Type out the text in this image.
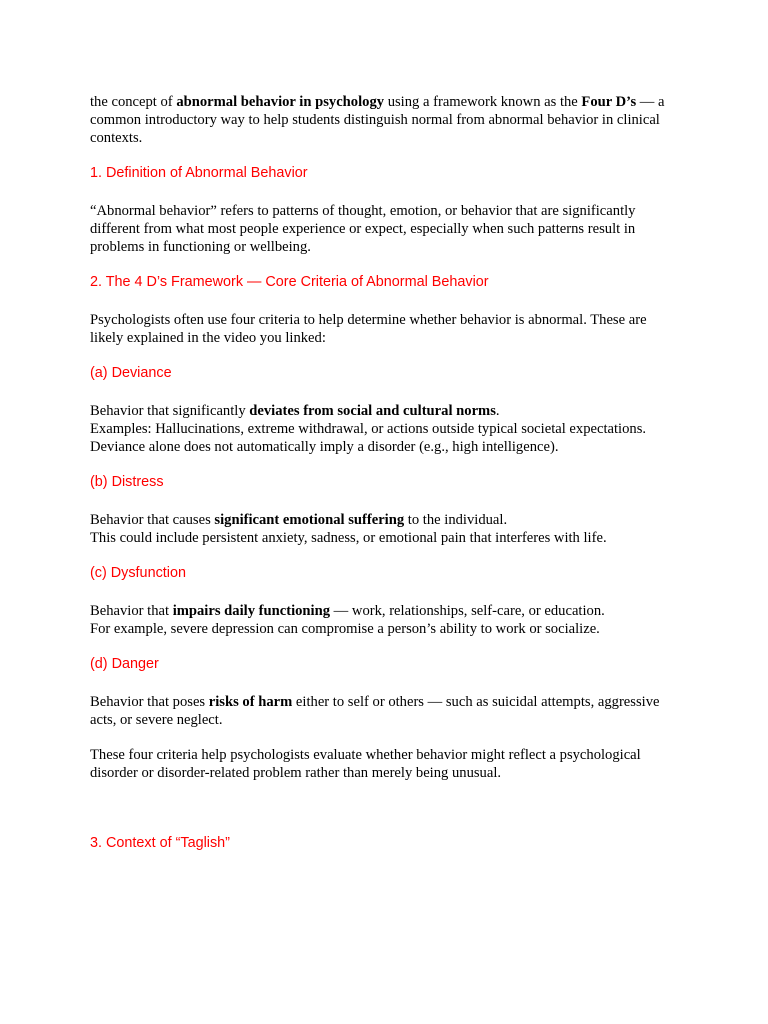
the concept of abnormal behavior in psychology using a framework known as the Four D’s — a common introductory way to help students distinguish normal from abnormal behavior in clinical contexts.

1. Definition of Abnormal Behavior

“Abnormal behavior” refers to patterns of thought, emotion, or behavior that are significantly different from what most people experience or expect, especially when such patterns result in problems in functioning or wellbeing.

2. The 4 D’s Framework — Core Criteria of Abnormal Behavior

Psychologists often use four criteria to help determine whether behavior is abnormal. These are likely explained in the video you linked:

(a) Deviance

Behavior that significantly deviates from social and cultural norms.
Examples: Hallucinations, extreme withdrawal, or actions outside typical societal expectations.
Deviance alone does not automatically imply a disorder (e.g., high intelligence).

(b) Distress

Behavior that causes significant emotional suffering to the individual.
This could include persistent anxiety, sadness, or emotional pain that interferes with life.

(c) Dysfunction

Behavior that impairs daily functioning — work, relationships, self-care, or education.
For example, severe depression can compromise a person’s ability to work or socialize.

(d) Danger

Behavior that poses risks of harm either to self or others — such as suicidal attempts, aggressive acts, or severe neglect.

These four criteria help psychologists evaluate whether behavior might reflect a psychological disorder or disorder-related problem rather than merely being unusual.

3. Context of “Taglish”
